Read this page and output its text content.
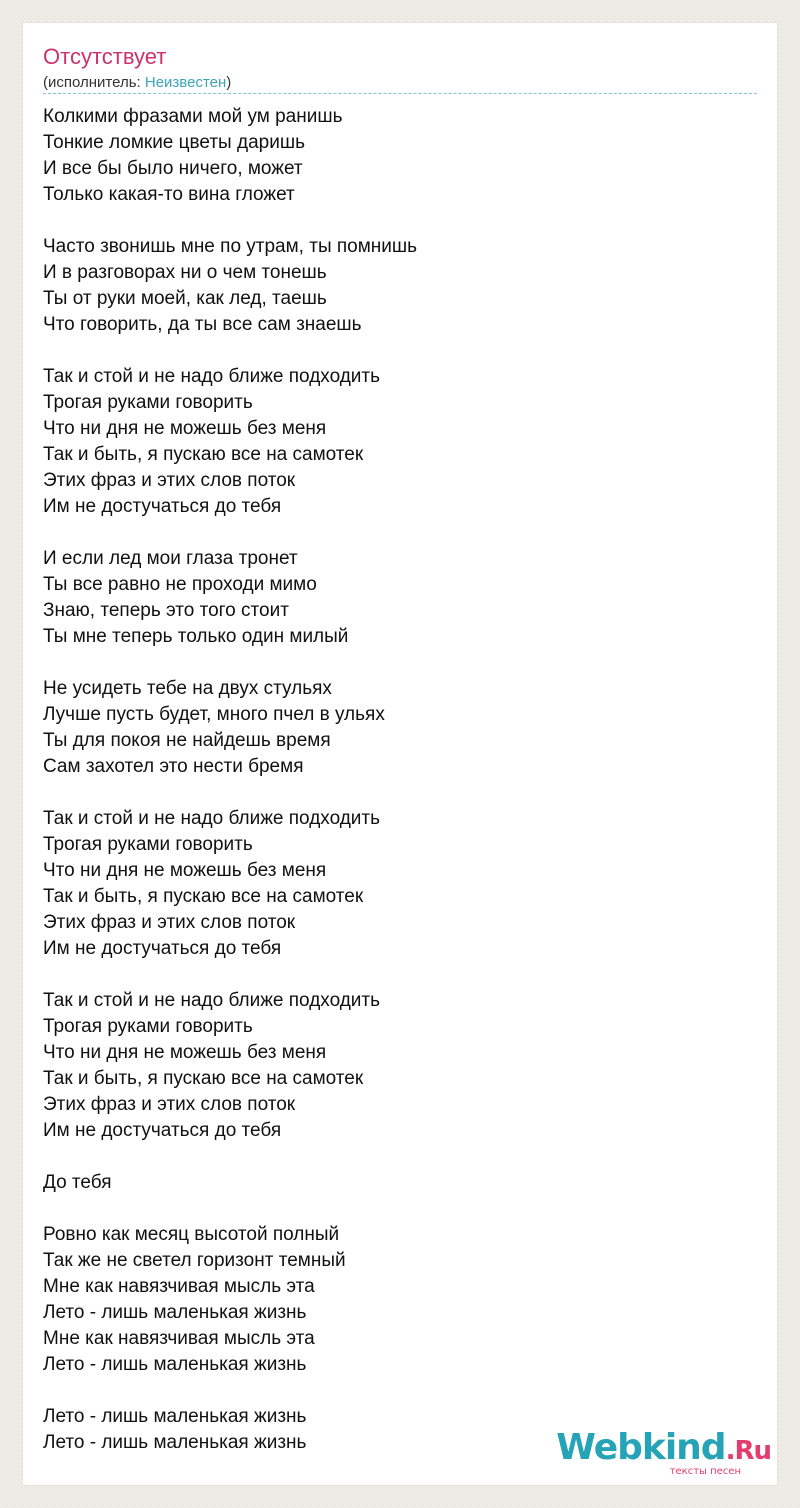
Отсутствует
(исполнитель: Неизвестен)
Колкими фразами мой ум ранишь
Тонкие ломкие цветы даришь
И все бы было ничего, может
Только какая-то вина гложет
Часто звонишь мне по утрам, ты помнишь
И в разговорах ни о чем тонешь
Ты от руки моей, как лед, таешь
Что говорить, да ты все сам знаешь
Так и стой и не надо ближе подходить
Трогая руками говорить
Что ни дня не можешь без меня
Так и быть, я пускаю все на самотек
Этих фраз и этих слов поток
Им не достучаться до тебя
И если лед мои глаза тронет
Ты все равно не проходи мимо
Знаю, теперь это того стоит
Ты мне теперь только один милый
Не усидеть тебе на двух стульях
Лучше пусть будет, много пчел в ульях
Ты для покоя не найдешь время
Сам захотел это нести бремя
Так и стой и не надо ближе подходить
Трогая руками говорить
Что ни дня не можешь без меня
Так и быть, я пускаю все на самотек
Этих фраз и этих слов поток
Им не достучаться до тебя
Так и стой и не надо ближе подходить
Трогая руками говорить
Что ни дня не можешь без меня
Так и быть, я пускаю все на самотек
Этих фраз и этих слов поток
Им не достучаться до тебя
До тебя
Ровно как месяц высотой полный
Так же не светел горизонт темный
Мне как навязчивая мысль эта
Лето - лишь маленькая жизнь
Мне как навязчивая мысль эта
Лето - лишь маленькая жизнь
Лето - лишь маленькая жизнь
Лето - лишь маленькая жизнь	Webkind.Ru
тексты песен
